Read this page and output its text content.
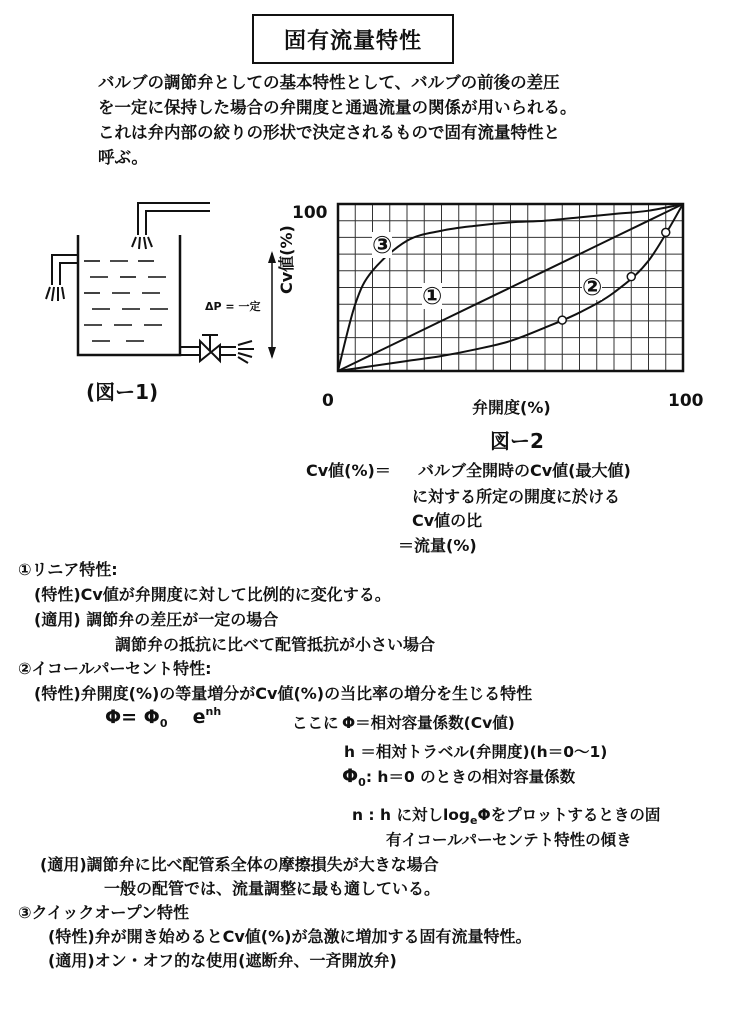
固有流量特性
バルブの調節弁としての基本特性として、バルブの前後の差圧
を一定に保持した場合の弁開度と通過流量の関係が用いられる。
これは弁内部の絞りの形状で決定されるもので固有流量特性と
呼ぶ。
ΔP = 一定
(図ー1)
100
0	100
弁開度(%)
Cv値(%)	③
①	②
図ー2
Cv値(%)＝ バルブ全開時のCv値(最大値)
に対する所定の開度に於ける
Cv値の比
＝流量(%)
①リニア特性:
(特性)Cv値が弁開度に対して比例的に変化する。
(適用) 調節弁の差圧が一定の場合
調節弁の抵抗に比べて配管抵抗が小さい場合
②イコールパーセント特性:
(特性)弁開度(%)の等量増分がCv値(%)の当比率の増分を生じる特性
$\Phi= \Phi_0$ $e^{nh}$
ここに Φ＝相対容量係数(Cv値)
h ＝相対トラベル(弁開度)(h＝0～1)
$\Phi_0$: h＝0 のときの相対容量係数
n : h に対し$\log_e\Phi$をプロットするときの固
有イコールパーセンテト特性の傾き
(適用)調節弁に比べ配管系全体の摩擦損失が大きな場合
一般の配管では、流量調整に最も適している。
③クイックオープン特性
(特性)弁が開き始めるとCv値(%)が急激に増加する固有流量特性。
(適用)オン・オフ的な使用(遮断弁、一斉開放弁)
